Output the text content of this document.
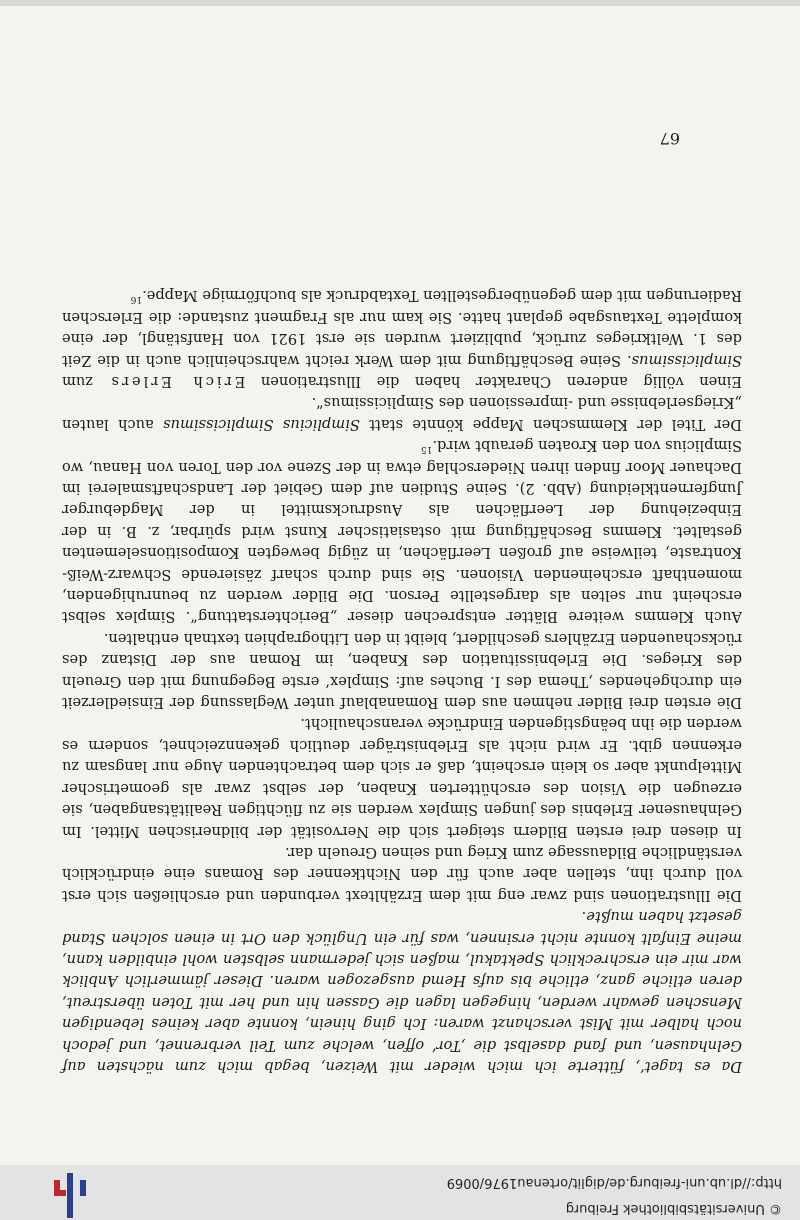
Da es taget‘, fütterte ich mich wieder mit Weizen, begab mich zum nächsten auf Gelnhausen, und fand daselbst die ‚Tor‘ offen, welche zum Teil verbrennet, und jedoch noch halber mit Mist verschanzt waren: Ich ging hinein, konnte aber keines lebendigen Menschen gewahr werden, hingegen lagen die Gassen hin und her mit Toten überstreut, deren etliche ganz, etliche bis aufs Hemd ausgezogen waren. Dieser jämmerlich Anblick war mir ein erschrecklich Spektakul, maßen sich jedermann selbsten wohl einbilden kann, meine Einfalt konnte nicht ersinnen, was für ein Unglück den Ort in einen solchen Stand gesetzt haben mußte.

Die Illustrationen sind zwar eng mit dem Erzähltext verbunden und erschließen sich erst voll durch ihn, stellen aber auch für den Nichtkenner des Romans eine eindrücklich verständliche Bildaussage zum Krieg und seinen Greueln dar.

In diesen drei ersten Bildern steigert sich die Nervosität der bildnerischen Mittel. Im Gelnhausener Erlebnis des jungen Simplex werden sie zu flüchtigen Realitätsangaben, sie erzeugen die Vision des erschütterten Knaben, der selbst zwar als geometrischer Mittelpunkt aber so klein erscheint, daß er sich dem betrachtenden Auge nur langsam zu erkennen gibt. Er wird nicht als Erlebnisträger deutlich gekennzeichnet, sondern es werden die ihn beängstigenden Eindrücke veranschaulicht.

Die ersten drei Bilder nehmen aus dem Romanablauf unter Weglassung der Einsiedlerzeit ein durchgehendes ‚Thema des I. Buches auf: Simplex‘ erste Begegnung mit den Greueln des Krieges. Die Erlebnissituation des Knaben, im Roman aus der Distanz des rückschauenden Erzählers geschildert, bleibt in den Lithographien textnah enthalten.

Auch Klemms weitere Blätter entsprechen dieser „Berichterstattung“. Simplex selbst erscheint nur selten als dargestellte Person. Die Bilder werden zu beunruhigenden, momenthaft erscheinenden Visionen. Sie sind durch scharf zäsierende Schwarz-Weiß-Kontraste, teilweise auf großen Leerflächen, in zügig bewegten Kompositionselementen gestaltet. Klemms Beschäftigung mit ostasiatischer Kunst wird spürbar, z. B. in der Einbeziehung der Leerflächen als Ausdrucksmittel in der Magdeburger Jungfernentkleidung (Abb. 2). Seine Studien auf dem Gebiet der Landschaftsmalerei im Dachauer Moor finden ihren Niederschlag etwa in der Szene vor den Toren von Hanau, wo Simplicius von den Kroaten geraubt wird.$^{15}$

Der Titel der Klemmschen Mappe könnte statt Simplicius Simplicissimus auch lauten „Kriegserlebnisse und -impressionen des Simplicissimus“.

Einen völlig anderen Charakter haben die Illustrationen Erich Erlers zum Simplicissimus. Seine Beschäftigung mit dem Werk reicht wahrscheinlich auch in die Zeit des 1. Weltkrieges zurück, publiziert wurden sie erst 1921 von Hanfstängl, der eine komplette Textausgabe geplant hatte. Sie kam nur als Fragment zustande: die Erlerschen Radierungen mit dem gegenübergestellten Textabdruck als buchförmige Mappe.$^{16}$

67
© Universitätsbibliothek Freiburg
http://dl.ub.uni-freiburg.de/diglit/ortenau1976/0069
